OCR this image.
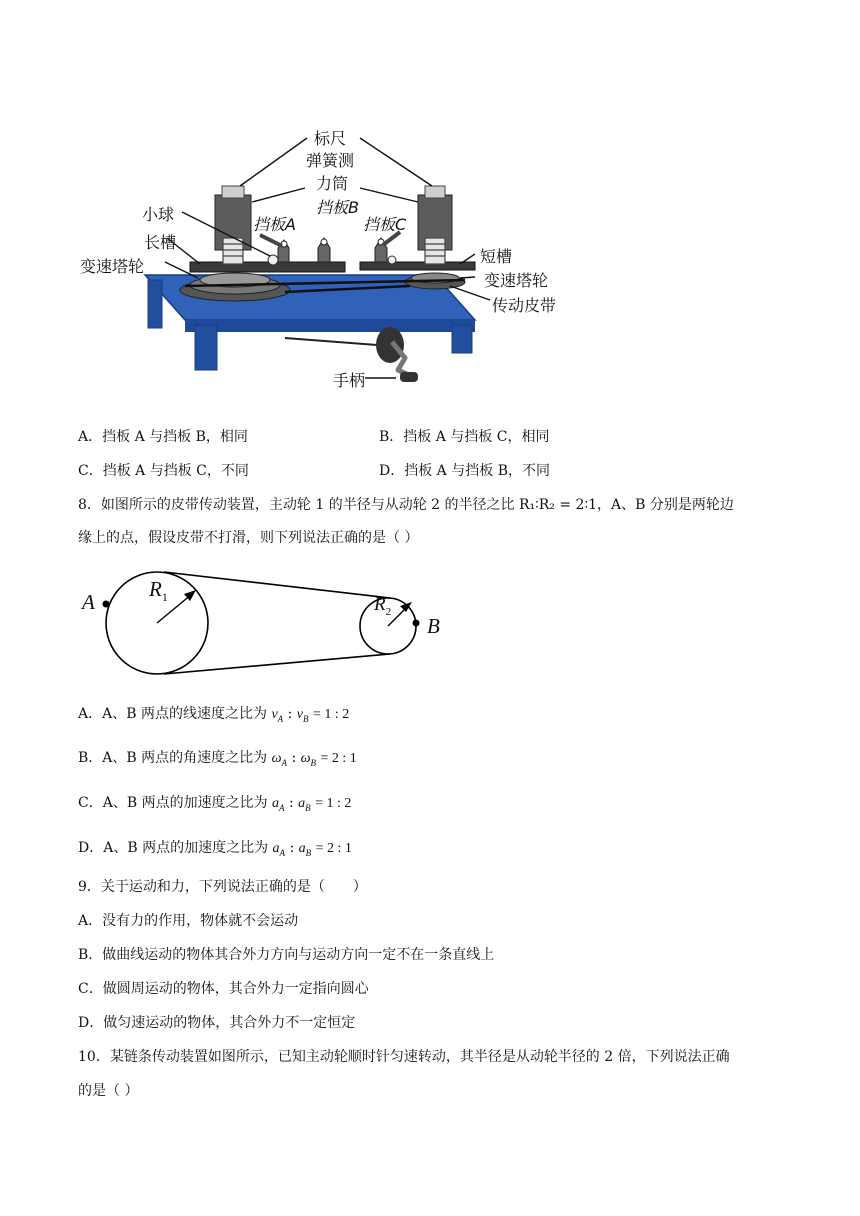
标尺
弹簧测
力筒
挡板B
小球
挡板A	挡板C
长槽
短槽
变速塔轮
变速塔轮
传动皮带
手柄
A．挡板 A 与挡板 B，相同	B．挡板 A 与挡板 C，相同
C．挡板 A 与挡板 C，不同	D．挡板 A 与挡板 B，不同
8．如图所示的皮带传动装置，主动轮 1 的半径与从动轮 2 的半径之比 R₁∶R₂ = 2∶1，A、B 分别是两轮边
缘上的点，假设皮带不打滑，则下列说法正确的是（ ）
A
B
$R_1$	$R_2$
A．A、B 两点的线速度之比为 $v_A$ : $v_B = 1$ : 2
B．A、B 两点的角速度之比为 $\omega_A$ : $\omega_B = 2$ : 1
C．A、B 两点的加速度之比为 $a_A$ : $a_B = 1$ : 2
D．A、B 两点的加速度之比为 $a_A$ : $a_B = 2$ : 1
9．关于运动和力，下列说法正确的是（　　）
A．没有力的作用，物体就不会运动
B．做曲线运动的物体其合外力方向与运动方向一定不在一条直线上
C．做圆周运动的物体，其合外力一定指向圆心
D．做匀速运动的物体，其合外力不一定恒定
10．某链条传动装置如图所示，已知主动轮顺时针匀速转动，其半径是从动轮半径的 2 倍，下列说法正确
的是（ ）
